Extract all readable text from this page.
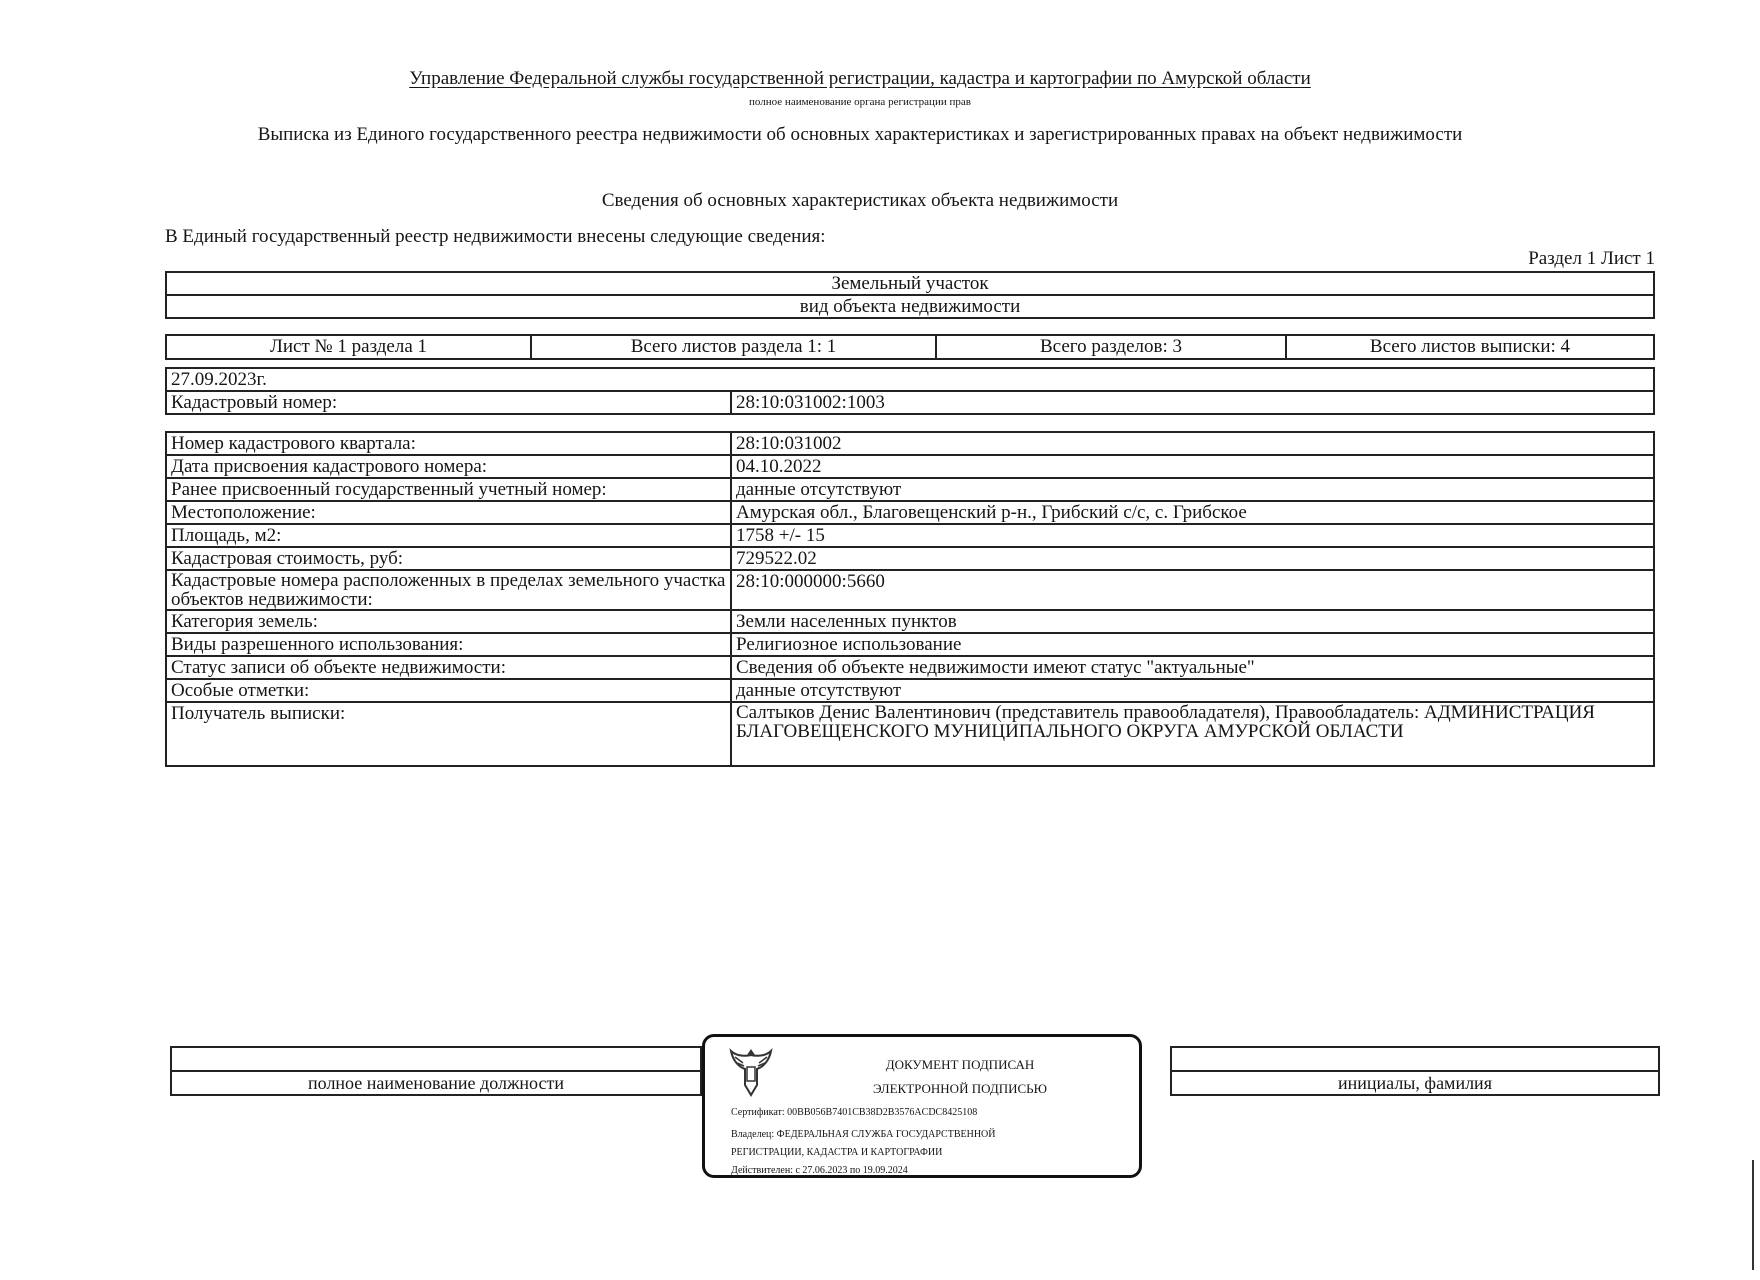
Управление Федеральной службы государственной регистрации, кадастра и картографии по Амурской области
полное наименование органа регистрации прав
Выписка из Единого государственного реестра недвижимости об основных характеристиках и зарегистрированных правах на объект недвижимости
Сведения об основных характеристиках объекта недвижимости
В Единый государственный реестр недвижимости внесены следующие сведения:
Раздел 1 Лист 1
Земельный участок
вид объекта недвижимости
Лист № 1 раздела 1	Всего листов раздела 1: 1	Всего разделов: 3	Всего листов выписки: 4
27.09.2023г.
Кадастровый номер:	28:10:031002:1003
Номер кадастрового квартала:	28:10:031002
Дата присвоения кадастрового номера:	04.10.2022
Ранее присвоенный государственный учетный номер:	данные отсутствуют
Местоположение:	Амурская обл., Благовещенский р-н., Грибский с/с, с. Грибское
Площадь, м2:	1758 +/- 15
Кадастровая стоимость, руб:	729522.02
Кадастровые номера расположенных в пределах земельного участка объектов недвижимости:	28:10:000000:5660
Категория земель:	Земли населенных пунктов
Виды разрешенного использования:	Религиозное использование
Статус записи об объекте недвижимости:	Сведения об объекте недвижимости имеют статус "актуальные"
Особые отметки:	данные отсутствуют
Получатель выписки:	Салтыков Денис Валентинович (представитель правообладателя), Правообладатель: АДМИНИСТРАЦИЯ БЛАГОВЕЩЕНСКОГО МУНИЦИПАЛЬНОГО ОКРУГА АМУРСКОЙ ОБЛАСТИ

полное наименование должности		инициалы, фамилия
ДОКУМЕНТ ПОДПИСАН
ЭЛЕКТРОННОЙ ПОДПИСЬЮ
Сертификат: 00BB056B7401CB38D2B3576ACDC8425108
Владелец: ФЕДЕРАЛЬНАЯ СЛУЖБА ГОСУДАРСТВЕННОЙ
РЕГИСТРАЦИИ, КАДАСТРА И КАРТОГРАФИИ
Действителен: с 27.06.2023 по 19.09.2024
